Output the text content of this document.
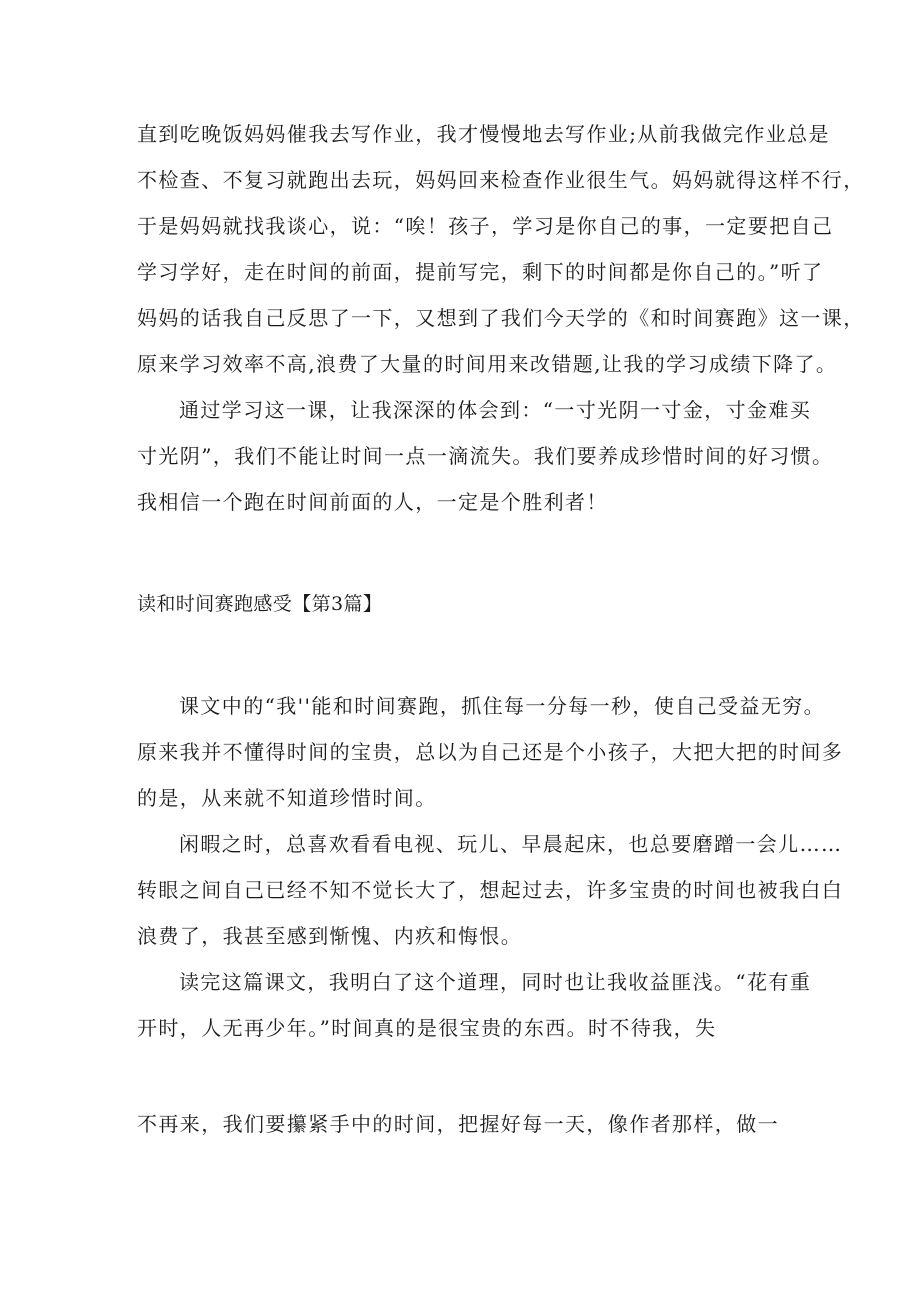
直到吃晚饭妈妈催我去写作业，我才慢慢地去写作业;从前我做完作业总是
不检查、不复习就跑出去玩，妈妈回来检查作业很生气。妈妈就得这样不行，
于是妈妈就找我谈心，说：“唉！孩子，学习是你自己的事，一定要把自己
学习学好，走在时间的前面，提前写完，剩下的时间都是你自己的。”听了
妈妈的话我自己反思了一下，又想到了我们今天学的《和时间赛跑》这一课，
原来学习效率不高,浪费了大量的时间用来改错题,让我的学习成绩下降了。
通过学习这一课，让我深深的体会到：“一寸光阴一寸金，寸金难买
寸光阴”，我们不能让时间一点一滴流失。我们要养成珍惜时间的好习惯。
我相信一个跑在时间前面的人，一定是个胜利者！
读和时间赛跑感受【第3篇】
课文中的“我''能和时间赛跑，抓住每一分每一秒，使自己受益无穷。
原来我并不懂得时间的宝贵，总以为自己还是个小孩子，大把大把的时间多
的是，从来就不知道珍惜时间。
闲暇之时，总喜欢看看电视、玩儿、早晨起床，也总要磨蹭一会儿……
转眼之间自己已经不知不觉长大了，想起过去，许多宝贵的时间也被我白白
浪费了，我甚至感到惭愧、内疚和悔恨。
读完这篇课文，我明白了这个道理，同时也让我收益匪浅。“花有重
开时，人无再少年。”时间真的是很宝贵的东西。时不待我，失
不再来，我们要攥紧手中的时间，把握好每一天，像作者那样，做一
